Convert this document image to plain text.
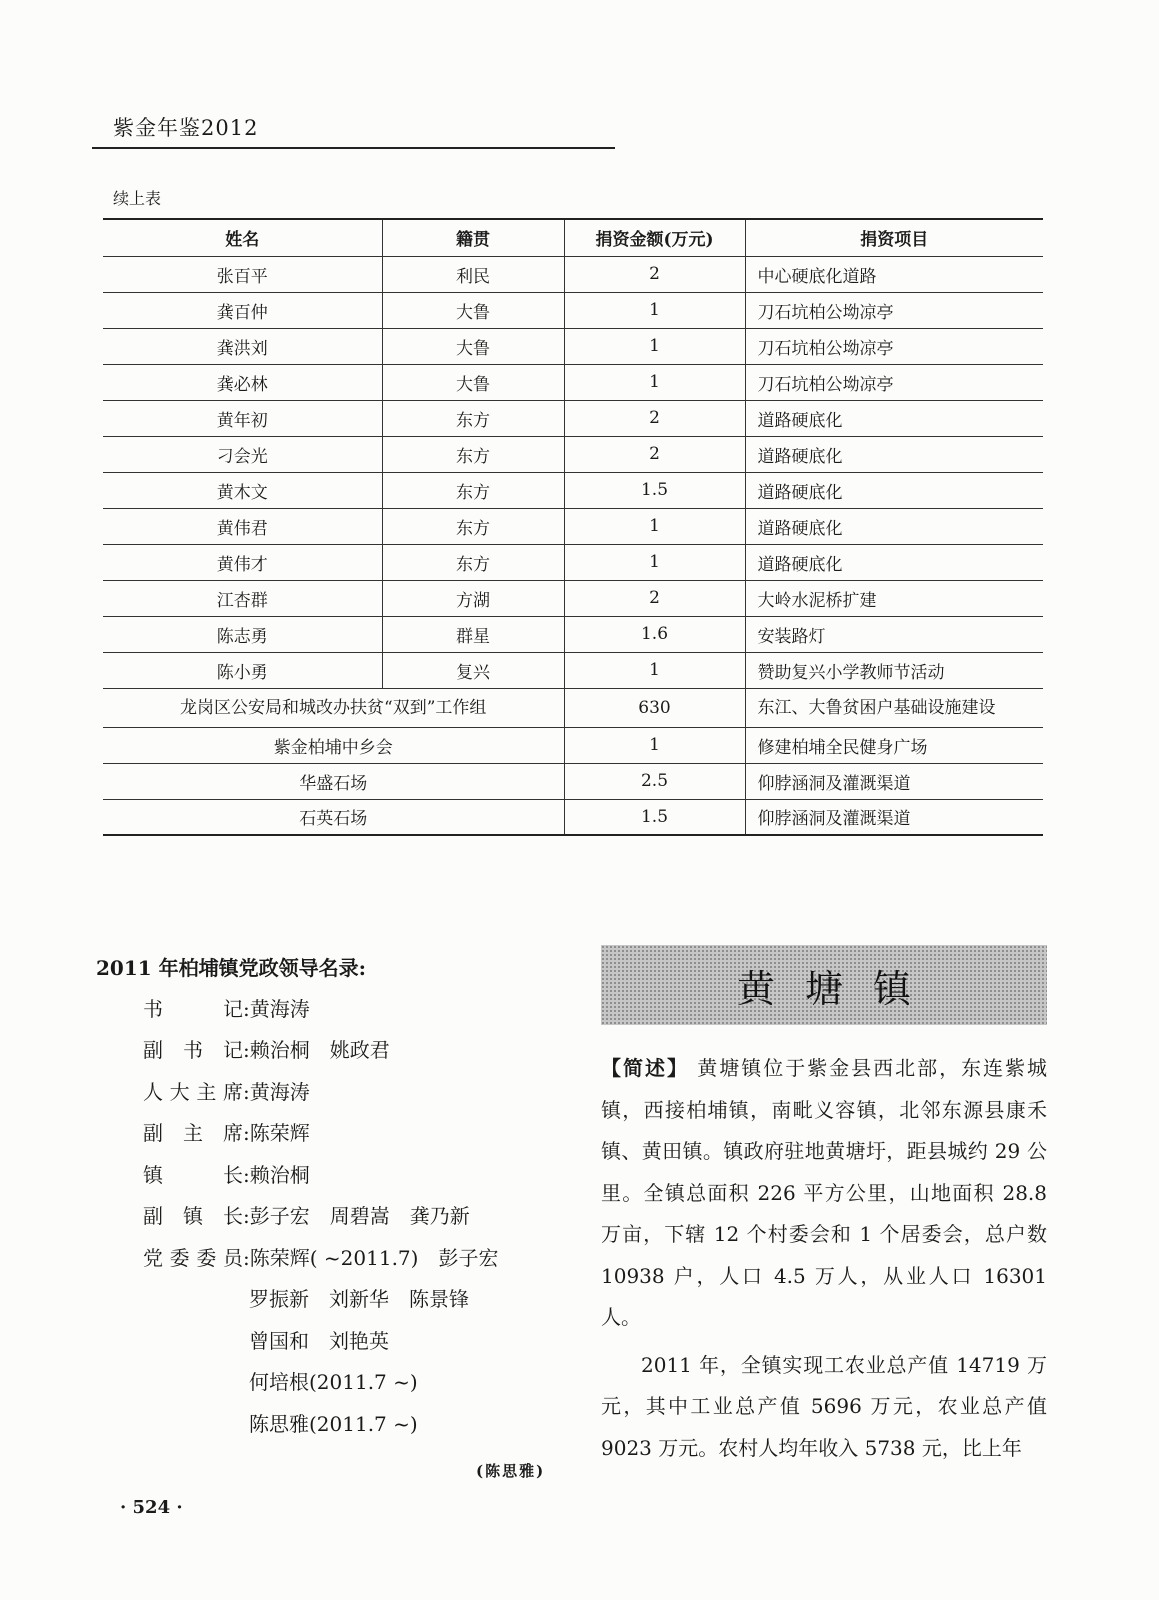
紫金年鉴2012
续上表
姓名	籍贯	捐资金额(万元)	捐资项目
张百平	利民	2	中心硬底化道路
龚百仲	大鲁	1	刀石坑柏公坳凉亭
龚洪刘	大鲁	1	刀石坑柏公坳凉亭
龚必林	大鲁	1	刀石坑柏公坳凉亭
黄年初	东方	2	道路硬底化
刁会光	东方	2	道路硬底化
黄木文	东方	1.5	道路硬底化
黄伟君	东方	1	道路硬底化
黄伟才	东方	1	道路硬底化
江杏群	方湖	2	大岭水泥桥扩建
陈志勇	群星	1.6	安装路灯
陈小勇	复兴	1	赞助复兴小学教师节活动
龙岗区公安局和城改办扶贫“双到”工作组		630	东江、大鲁贫困户基础设施建设
紫金柏埔中乡会		1	修建柏埔全民健身广场
华盛石场		2.5	仰脖涵洞及灌溉渠道
石英石场		1.5	仰脖涵洞及灌溉渠道
2011 年柏埔镇党政领导名录:
书记:黄海涛
副书记:赖治桐　姚政君
人大主席:黄海涛
副主席:陈荣辉
镇长:赖治桐
副镇长:彭子宏　周碧嵩　龚乃新
党委委员:陈荣辉( ~2011.7)　彭子宏
罗振新　刘新华　陈景锋
曾国和　刘艳英
何培根(2011.7 ~)
陈思雅(2011.7 ~)
(陈思雅)
· 524 ·
黄塘镇

【简述】 黄塘镇位于紫金县西北部，东连紫城镇，西接柏埔镇，南毗义容镇，北邻东源县康禾镇、黄田镇。镇政府驻地黄塘圩，距县城约 29 公里。全镇总面积 226 平方公里，山地面积 28.8 万亩，下辖 12 个村委会和 1 个居委会，总户数 10938 户，人口 4.5 万人，从业人口 16301 人。

2011 年，全镇实现工农业总产值 14719 万元，其中工业总产值 5696 万元，农业总产值 9023 万元。农村人均年收入 5738 元，比上年
